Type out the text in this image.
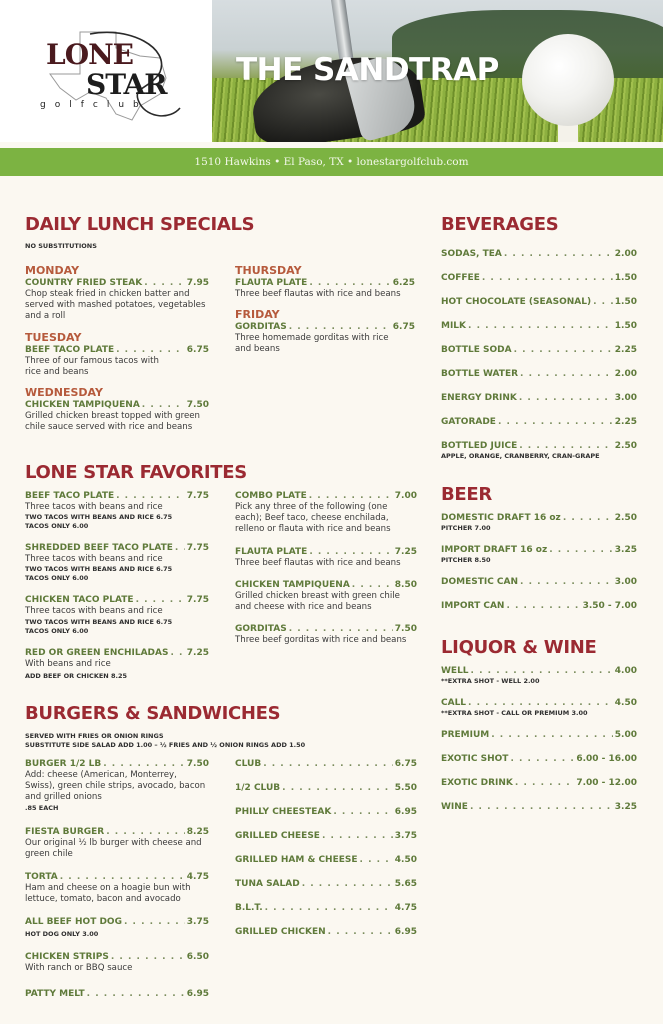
LONE
STAR
golfclub
THE SANDTRAP
1510 Hawkins • El Paso, TX • lonestargolfclub.com
DAILY LUNCH SPECIALS
NO SUBSTITUTIONS
MONDAY
COUNTRY FRIED STEAK . . .	7.95
Chop steak fried in chicken batter and served with mashed potatoes, vegetables and a roll
TUESDAY
BEEF TACO PLATE . . .	6.75
Three of our famous tacos with rice and beans
WEDNESDAY
CHICKEN TAMPIQUENA . . .	7.50
Grilled chicken breast topped with green chile sauce served with rice and beans
THURSDAY
FLAUTA PLATE . . .	6.25
Three beef flautas with rice and beans
FRIDAY
GORDITAS . . .	6.75
Three homemade gorditas with rice and beans
LONE STAR FAVORITES
BEEF TACO PLATE . . .	7.75
Three tacos with beans and rice
TWO TACOS WITH BEANS AND RICE 6.75
TACOS ONLY 6.00
SHREDDED BEEF TACO PLATE . . . 7.75
Three tacos with beans and rice
TWO TACOS WITH BEANS AND RICE 6.75
TACOS ONLY 6.00
CHICKEN TACO PLATE . . .	7.75
Three tacos with beans and rice
TWO TACOS WITH BEANS AND RICE 6.75
TACOS ONLY 6.00
RED OR GREEN ENCHILADAS . . . 7.25
With beans and rice
ADD BEEF OR CHICKEN 8.25
COMBO PLATE . . .	7.00
Pick any three of the following (one each); Beef taco, cheese enchilada, relleno or flauta with rice and beans
FLAUTA PLATE . . .	7.25
Three beef flautas with rice and beans
CHICKEN TAMPIQUENA . . .	8.50
Grilled chicken breast with green chile and cheese with rice and beans
GORDITAS . . .	7.50
Three beef gorditas with rice and beans
BURGERS & SANDWICHES
SERVED WITH FRIES OR ONION RINGS
SUBSTITUTE SIDE SALAD ADD 1.00 – ½ FRIES AND ½ ONION RINGS ADD 1.50
BURGER 1/2 LB . . .	7.50
Add: cheese (American, Monterrey, Swiss), green chile strips, avocado, bacon and grilled onions
.85 EACH
FIESTA BURGER . . .	8.25
Our original ½ lb burger with cheese and green chile
TORTA . . .	4.75
Ham and cheese on a hoagie bun with lettuce, tomato, bacon and avocado
ALL BEEF HOT DOG . . .	3.75
HOT DOG ONLY 3.00
CHICKEN STRIPS . . .	6.50
With ranch or BBQ sauce
PATTY MELT . . .	6.95
CLUB . . .	6.75
1/2 CLUB . . .	5.50
PHILLY CHEESTEAK . . .	6.95
GRILLED CHEESE . . .	3.75
GRILLED HAM & CHEESE . . .	4.50
TUNA SALAD . . .	5.65
B.L.T. . . .	4.75
GRILLED CHICKEN . . .	6.95
BEVERAGES
SODAS, TEA . . .	2.00
COFFEE . . .	1.50
HOT CHOCOLATE (SEASONAL) . . .	1.50
MILK . . .	1.50
BOTTLE SODA . . .	2.25
BOTTLE WATER . . .	2.00
ENERGY DRINK . . .	3.00
GATORADE . . .	2.25
BOTTLED JUICE . . .	2.50
APPLE, ORANGE, CRANBERRY, CRAN-GRAPE
BEER
DOMESTIC DRAFT 16 oz . . .	2.50
PITCHER 7.00
IMPORT DRAFT 16 oz . . .	3.25
PITCHER 8.50
DOMESTIC CAN . . .	3.00
IMPORT CAN . . .	3.50 - 7.00
LIQUOR & WINE
WELL . . .	4.00
**EXTRA SHOT - WELL 2.00
CALL . . .	4.50
**EXTRA SHOT - CALL OR PREMIUM 3.00
PREMIUM . . .	5.00
EXOTIC SHOT . . .	6.00 - 16.00
EXOTIC DRINK . . .	7.00 - 12.00
WINE . . .	3.25
